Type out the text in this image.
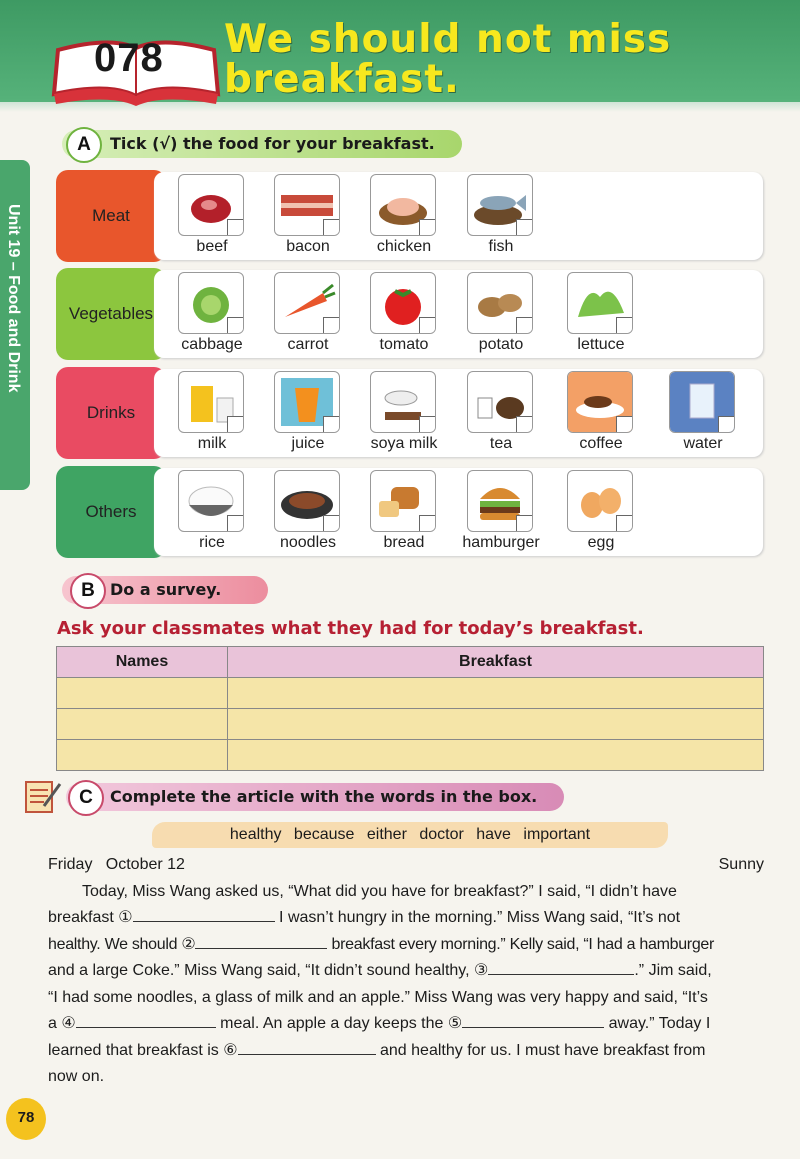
078 We should not miss
breakfast.
Unit 19 – Food and Drink
Tick (√) the food for your breakfast.
A
Meat
beef	bacon	chicken	fish
Vegetables
cabbage	carrot	tomato	potato	lettuce
Drinks
milk	juice	soya milk	tea	coffee	water
Others
rice	noodles	bread	hamburger	egg
Do a survey.
B
Ask your classmates what they had for today’s breakfast.
Names	Breakfast

Complete the article with the words in the box.
C
healthy because either doctor have important
Friday   October 12	Sunny
Today, Miss Wang asked us, “What did you have for breakfast?” I said, “I didn’t have
breakfast ①	I wasn’t hungry in the morning.” Miss Wang said, “It’s not
healthy. We should ②	breakfast every morning.” Kelly said, “I had a hamburger
and a large Coke.” Miss Wang said, “It didn’t sound healthy, ③	.” Jim said,
“I had some noodles, a glass of milk and an apple.” Miss Wang was very happy and said, “It’s
a ④	meal. An apple a day keeps the ⑤	away.” Today I
learned that breakfast is ⑥	and healthy for us. I must have breakfast from
now on.
78
